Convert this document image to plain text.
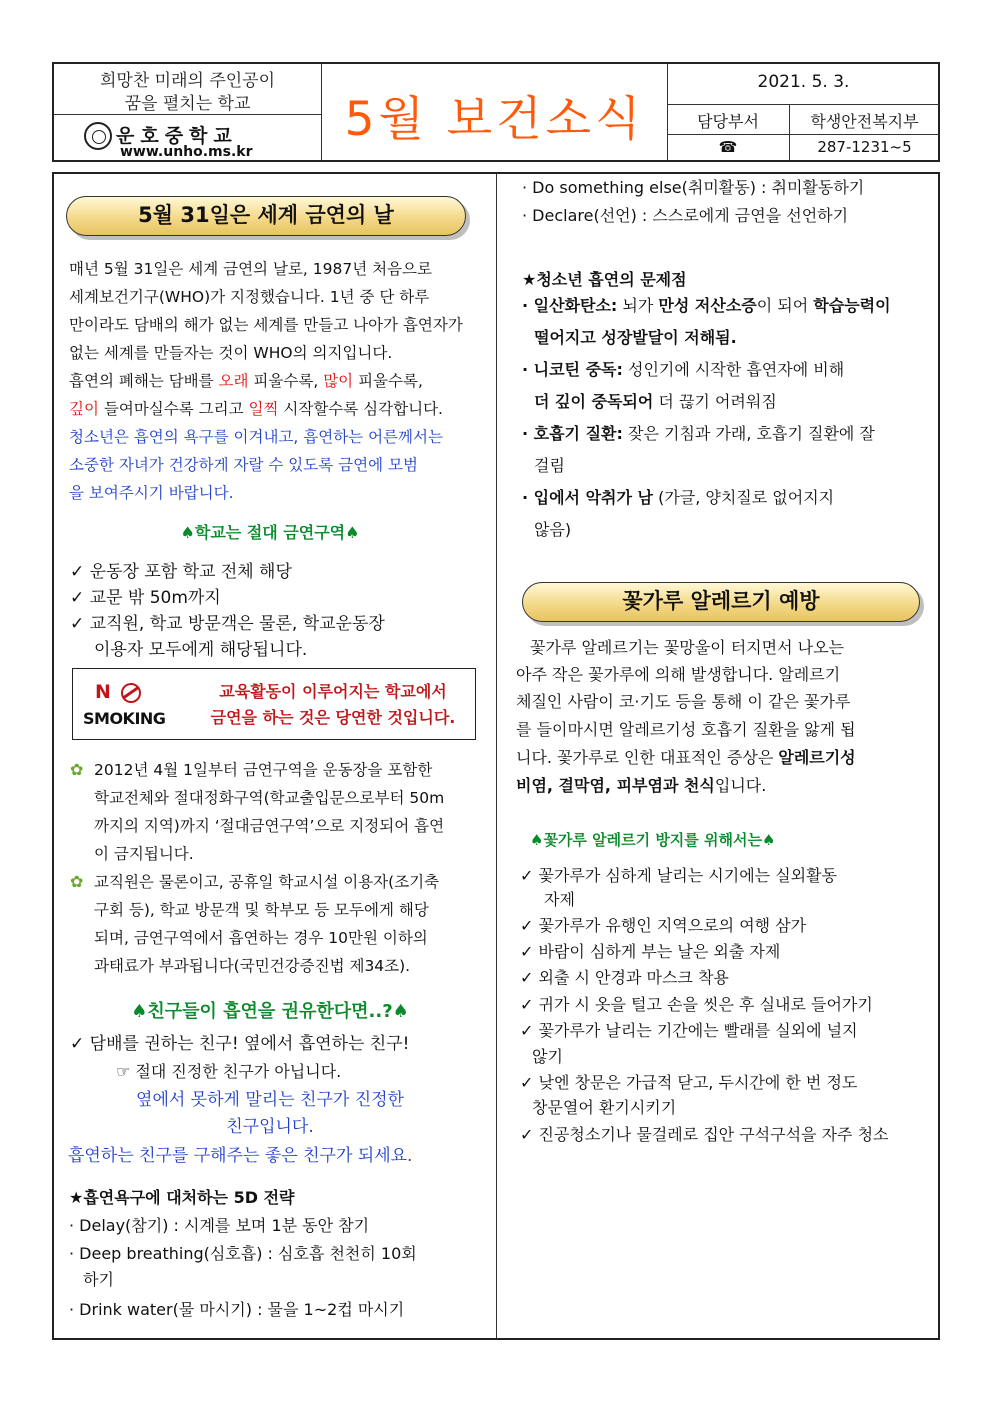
희망찬 미래의 주인공이
꿈을 펼치는 학교
운호중학교
www.unho.ms.kr
5월 보건소식
2021. 5. 3.
담당부서	학생안전복지부
☎	287-1231~5
5월 31일은 세계 금연의 날
매년 5월 31일은 세계 금연의 날로, 1987년 처음으로
세계보건기구(WHO)가 지정했습니다. 1년 중 단 하루
만이라도 담배의 해가 없는 세계를 만들고 나아가 흡연자가
없는 세계를 만들자는 것이 WHO의 의지입니다.
흡연의 폐해는 담배를 오래 피울수록, 많이 피울수록,
깊이 들여마실수록 그리고 일찍 시작할수록 심각합니다.
청소년은 흡연의 욕구를 이겨내고, 흡연하는 어른께서는
소중한 자녀가 건강하게 자랄 수 있도록 금연에 모범
을 보여주시기 바랍니다.
♠학교는 절대 금연구역♠
✓ 운동장 포함 학교 전체 해당
✓ 교문 밖 50m까지
✓ 교직원, 학교 방문객은 물론, 학교운동장
이용자 모두에게 해당됩니다.
N
SMOKING
교육활동이 이루어지는 학교에서
금연을 하는 것은 당연한 것입니다.
✿ 2012년 4월 1일부터 금연구역을 운동장을 포함한
학교전체와 절대정화구역(학교출입문으로부터 50m
까지의 지역)까지 ‘절대금연구역’으로 지정되어 흡연
이 금지됩니다.
✿ 교직원은 물론이고, 공휴일 학교시설 이용자(조기축
구회 등), 학교 방문객 및 학부모 등 모두에게 해당
되며, 금연구역에서 흡연하는 경우 10만원 이하의
과태료가 부과됩니다(국민건강증진법 제34조).
♠친구들이 흡연을 권유한다면..?♠
✓ 담배를 권하는 친구! 옆에서 흡연하는 친구!
☞ 절대 진정한 친구가 아닙니다.
옆에서 못하게 말리는 친구가 진정한
친구입니다.
흡연하는 친구를 구해주는 좋은 친구가 되세요.
★흡연욕구에 대처하는 5D 전략
· Delay(참기) : 시계를 보며 1분 동안 참기
· Deep breathing(심호흡) : 심호흡 천천히 10회
하기
· Drink water(물 마시기) : 물을 1~2컵 마시기
· Do something else(취미활동) : 취미활동하기
· Declare(선언) : 스스로에게 금연을 선언하기
★청소년 흡연의 문제점
· 일산화탄소: 뇌가 만성 저산소증이 되어 학습능력이
떨어지고 성장발달이 저해됨.
· 니코틴 중독: 성인기에 시작한 흡연자에 비해
더 깊이 중독되어 더 끊기 어려워짐
· 호흡기 질환: 잦은 기침과 가래, 호흡기 질환에 잘
걸림
· 입에서 악취가 남 (가글, 양치질로 없어지지
않음)
꽃가루 알레르기 예방
꽃가루 알레르기는 꽃망울이 터지면서 나오는
아주 작은 꽃가루에 의해 발생합니다. 알레르기
체질인 사람이 코·기도 등을 통해 이 같은 꽃가루
를 들이마시면 알레르기성 호흡기 질환을 앓게 됩
니다. 꽃가루로 인한 대표적인 증상은 알레르기성
비염, 결막염, 피부염과 천식입니다.
♠꽃가루 알레르기 방지를 위해서는♠
✓ 꽃가루가 심하게 날리는 시기에는 실외활동
자제
✓ 꽃가루가 유행인 지역으로의 여행 삼가
✓ 바람이 심하게 부는 날은 외출 자제
✓ 외출 시 안경과 마스크 착용
✓ 귀가 시 옷을 털고 손을 씻은 후 실내로 들어가기
✓ 꽃가루가 날리는 기간에는 빨래를 실외에 널지
않기
✓ 낮엔 창문은 가급적 닫고, 두시간에 한 번 정도
창문열어 환기시키기
✓ 진공청소기나 물걸레로 집안 구석구석을 자주 청소
